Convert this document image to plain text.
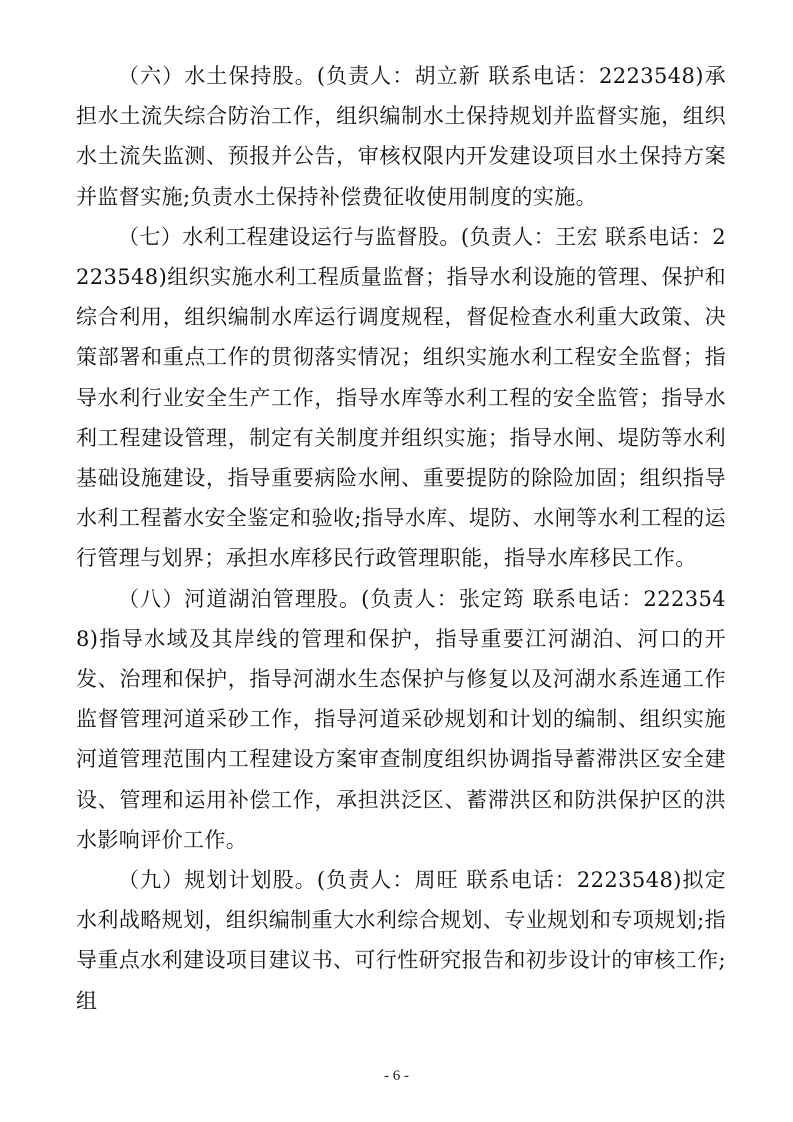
（六）水土保持股。(负责人：胡立新 联系电话：2223548)承担水土流失综合防治工作，组织编制水土保持规划并监督实施，组织水土流失监测、预报并公告，审核权限内开发建设项目水土保持方案并监督实施;负责水土保持补偿费征收使用制度的实施。

（七）水利工程建设运行与监督股。(负责人：王宏 联系电话：2223548)组织实施水利工程质量监督；指导水利设施的管理、保护和综合利用，组织编制水库运行调度规程，督促检查水利重大政策、决策部署和重点工作的贯彻落实情况；组织实施水利工程安全监督；指导水利行业安全生产工作，指导水库等水利工程的安全监管；指导水利工程建设管理，制定有关制度并组织实施；指导水闸、堤防等水利基础设施建设，指导重要病险水闸、重要提防的除险加固；组织指导水利工程蓄水安全鉴定和验收;指导水库、堤防、水闸等水利工程的运行管理与划界；承担水库移民行政管理职能，指导水库移民工作。

（八）河道湖泊管理股。(负责人：张定筠 联系电话：2223548)指导水域及其岸线的管理和保护，指导重要江河湖泊、河口的开发、治理和保护，指导河湖水生态保护与修复以及河湖水系连通工作 监督管理河道采砂工作，指导河道采砂规划和计划的编制、组织实施河道管理范围内工程建设方案审查制度组织协调指导蓄滞洪区安全建设、管理和运用补偿工作，承担洪泛区、蓄滞洪区和防洪保护区的洪水影响评价工作。

（九）规划计划股。(负责人：周旺 联系电话：2223548)拟定水利战略规划，组织编制重大水利综合规划、专业规划和专项规划;指导重点水利建设项目建议书、可行性研究报告和初步设计的审核工作;组

- 6 -
